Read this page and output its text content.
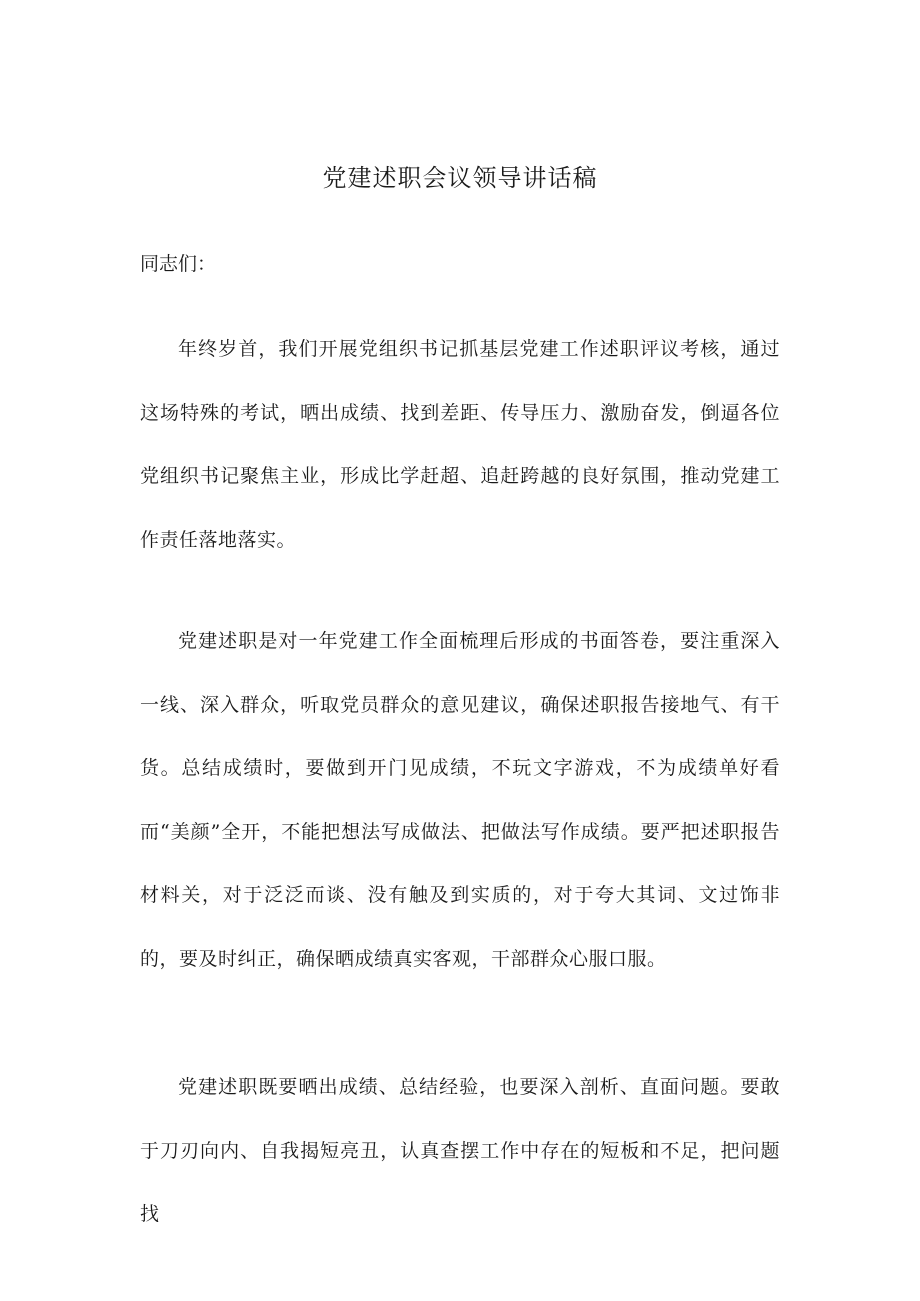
党建述职会议领导讲话稿

同志们：

年终岁首，我们开展党组织书记抓基层党建工作述职评议考核，通过这场特殊的考试，晒出成绩、找到差距、传导压力、激励奋发，倒逼各位党组织书记聚焦主业，形成比学赶超、追赶跨越的良好氛围，推动党建工作责任落地落实。

党建述职是对一年党建工作全面梳理后形成的书面答卷，要注重深入一线、深入群众，听取党员群众的意见建议，确保述职报告接地气、有干货。总结成绩时，要做到开门见成绩，不玩文字游戏，不为成绩单好看而“美颜”全开，不能把想法写成做法、把做法写作成绩。要严把述职报告材料关，对于泛泛而谈、没有触及到实质的，对于夸大其词、文过饰非的，要及时纠正，确保晒成绩真实客观，干部群众心服口服。

党建述职既要晒出成绩、总结经验，也要深入剖析、直面问题。要敢于刀刃向内、自我揭短亮丑，认真查摆工作中存在的短板和不足，把问题找
